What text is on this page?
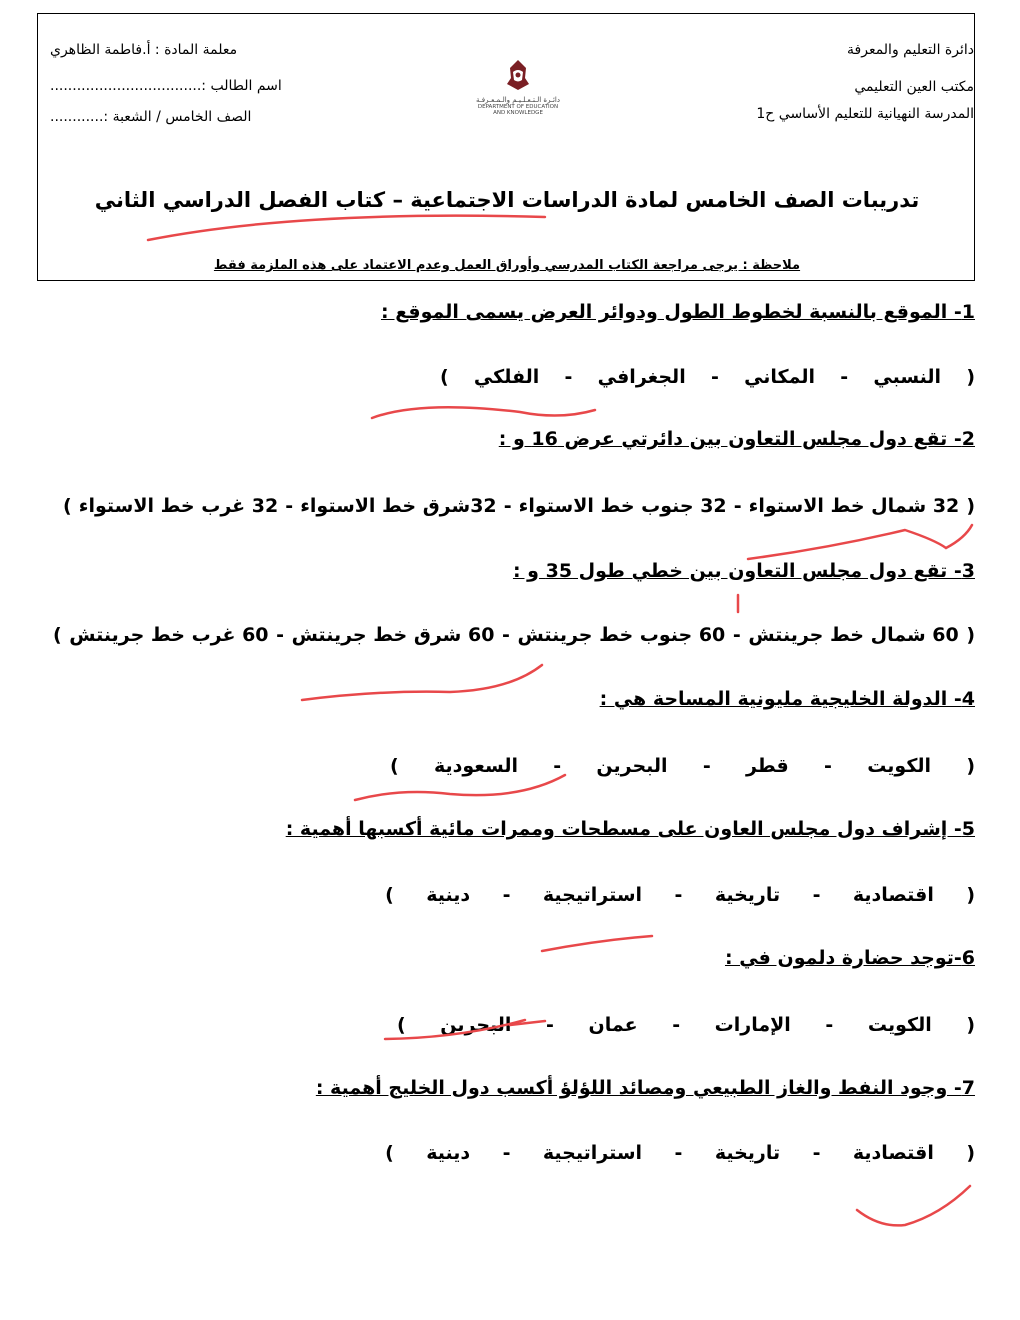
دائرة التعليم والمعرفة
مكتب العين التعليمي
المدرسة النهيانية للتعليم الأساسي ح1
معلمة المادة : أ.فاطمة الظاهري
اسم الطالب :..................................
الصف الخامس / الشعبة :............
دائـرة الـتـعـلـيـم والـمـعـرفـة
DEPARTMENT OF EDUCATION
AND KNOWLEDGE
تدريبات الصف الخامس لمادة الدراسات الاجتماعية – كتاب الفصل الدراسي الثاني
ملاحظة : يرجى مراجعة الكتاب المدرسي وأوراق العمل وعدم الاعتماد على هذه الملزمة فقط
1- الموقع بالنسبة لخطوط الطول ودوائر العرض يسمى الموقع :
(
النسبي
-
المكاني
-
الجغرافي
-
الفلكي
)
2- تقع دول مجلس التعاون بين دائرتي عرض 16 و :
(
32 شمال خط الاستواء
-
32 جنوب خط الاستواء
-
32شرق خط الاستواء
-
32 غرب خط الاستواء
)
3- تقع دول مجلس التعاون بين خطي طول 35 و :
(
60 شمال خط جرينتش
-
60 جنوب خط جرينتش
-
60 شرق خط جرينتش
-
60 غرب خط جرينتش
)
4- الدولة الخليجية مليونية المساحة هي :
(
الكويت
-
قطر
-
البحرين
-
السعودية
)
5- إشراف دول مجلس العاون على مسطحات وممرات مائية أكسبها أهمية :
(
اقتصادية
-
تاريخية
-
استراتيجية
-
دينية
)
6-توجد حضارة دلمون في :
(
الكويت
-
الإمارات
-
عمان
-
البحرين
)
7- وجود النفط والغاز الطبيعي ومصائد اللؤلؤ أكسب دول الخليج أهمية :
(
اقتصادية
-
تاريخية
-
استراتيجية
-
دينية
)
